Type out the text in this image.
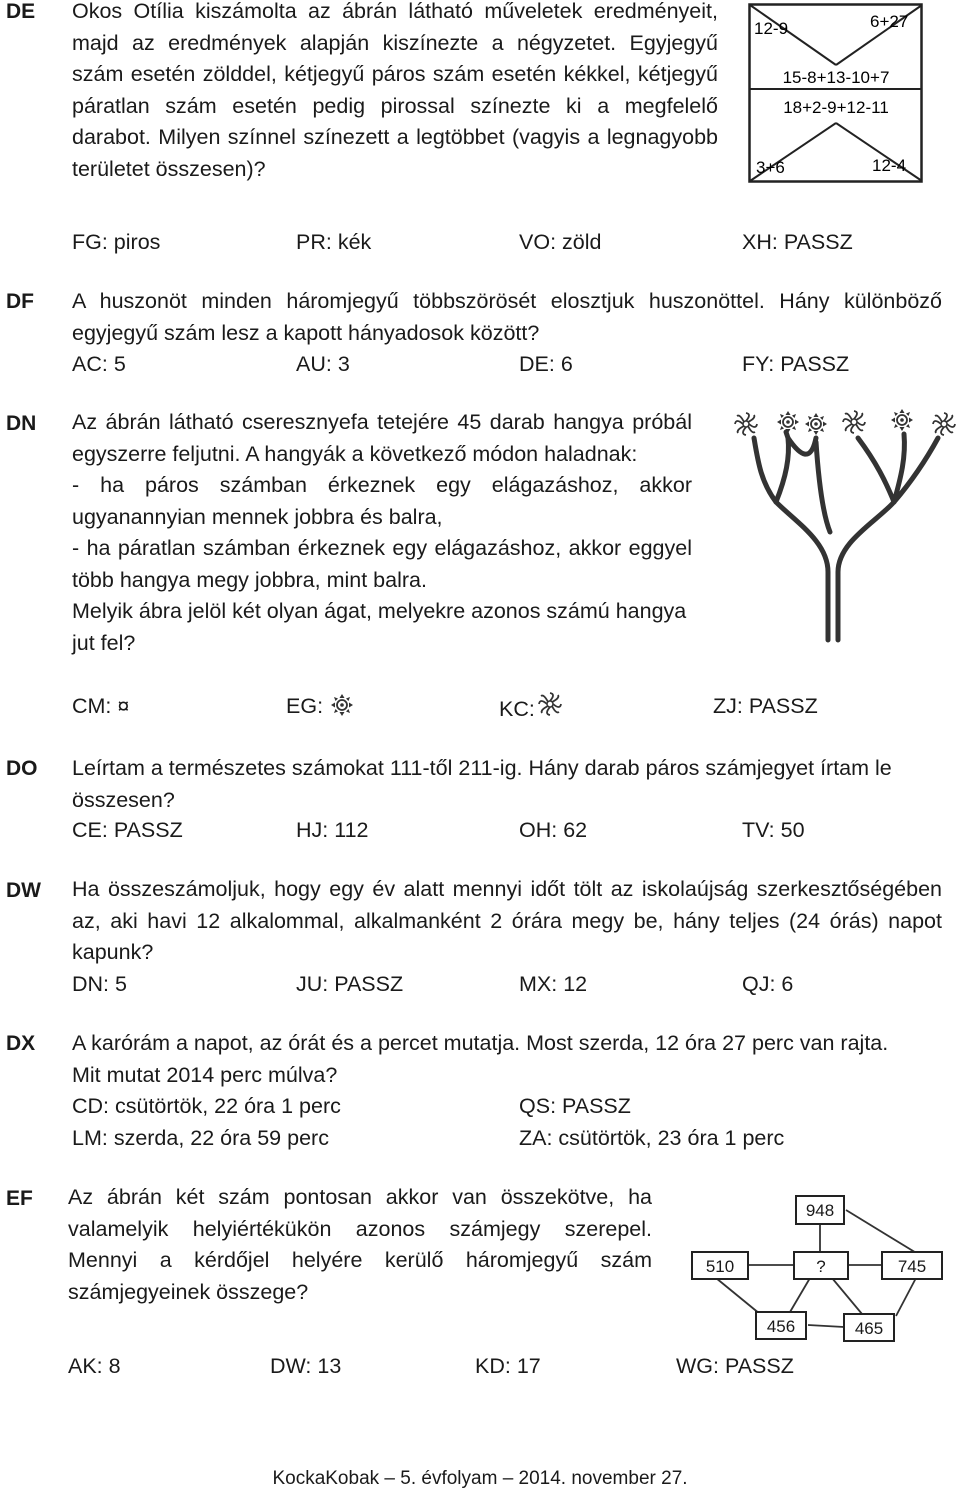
DE Okos Otília kiszámolta az ábrán látható műveletek eredményeit, majd az eredmények alapján kiszínezte a négyzetet. Egyjegyű szám esetén zölddel, kétjegyű páros szám esetén kékkel, kétjegyű páratlan szám esetén pedig pirossal színezte ki a megfelelő darabot. Milyen színnel színezett a legtöbbet (vagyis a legnagyobb területet összesen)?
12-9	6+27
15-8+13-10+7
18+2-9+12-11
3+6	12-4
FG: piros	PR: kék	VO: zöld	XH: PASSZ
DF A huszonöt minden háromjegyű többszörösét elosztjuk huszonöttel. Hány különböző egyjegyű szám lesz a kapott hányadosok között?
AC: 5	AU: 3	DE: 6	FY: PASSZ
DN Az ábrán látható cseresznyefa tetejére 45 darab hangya próbál egyszerre feljutni. A hangyák a következő módon haladnak:
- ha páros számban érkeznek egy elágazáshoz, akkor ugyanannyian mennek jobbra és balra,
- ha páratlan számban érkeznek egy elágazáshoz, akkor eggyel több hangya megy jobbra, mint balra.
Melyik ábra jelöl két olyan ágat, melyekre azonos számú hangya jut fel?
CM: ¤	EG:	KC:	ZJ: PASSZ
DO Leírtam a természetes számokat 111-től 211-ig. Hány darab páros számjegyet írtam le összesen?
CE: PASSZ	HJ: 112	OH: 62	TV: 50
DW Ha összeszámoljuk, hogy egy év alatt mennyi időt tölt az iskolaújság szerkesztőségében az, aki havi 12 alkalommal, alkalmanként 2 órára megy be, hány teljes (24 órás) napot kapunk?
DN: 5	JU: PASSZ	MX: 12	QJ: 6
DX A karórám a napot, az órát és a percet mutatja. Most szerda, 12 óra 27 perc van rajta. Mit mutat 2014 perc múlva?
CD: csütörtök, 22 óra 1 perc	QS: PASSZ
LM: szerda, 22 óra 59 perc	ZA: csütörtök, 23 óra 1 perc
EF Az ábrán két szám pontosan akkor van összekötve, ha valamelyik helyiértékükön azonos számjegy szerepel. Mennyi a kérdőjel helyére kerülő háromjegyű szám számjegyeinek összege?
948
510	?	745
456	465
AK: 8	DW: 13	KD: 17	WG: PASSZ
KockaKobak – 5. évfolyam – 2014. november 27.
